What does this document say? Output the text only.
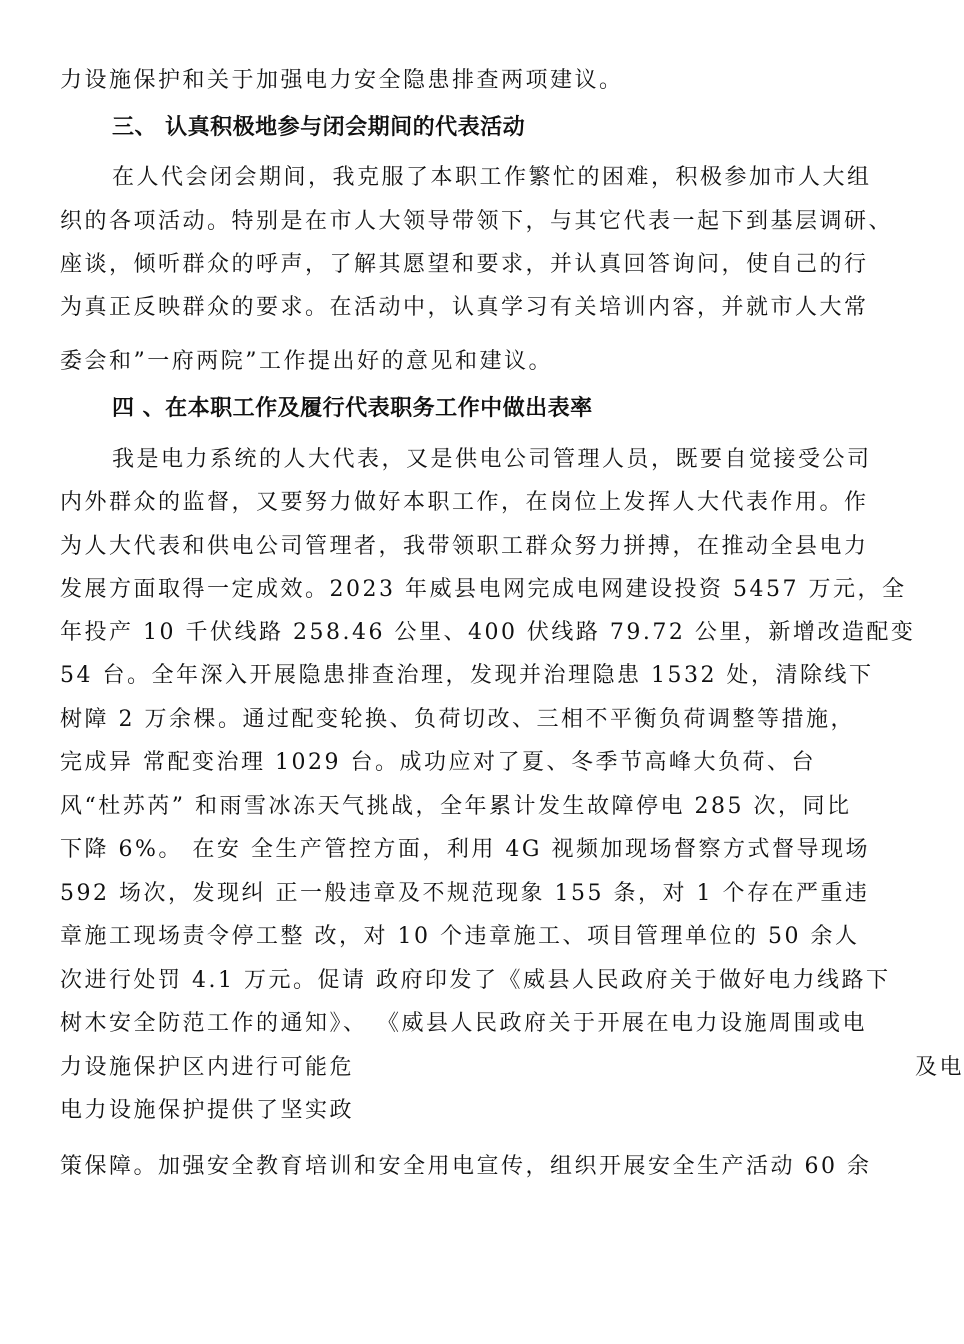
力设施保护和关于加强电力安全隐患排查两项建议。
三、 认真积极地参与闭会期间的代表活动
在人代会闭会期间，我克服了本职工作繁忙的困难，积极参加市人大组
织的各项活动。特别是在市人大领导带领下，与其它代表一起下到基层调研、
座谈，倾听群众的呼声，了解其愿望和要求，并认真回答询问，使自己的行
为真正反映群众的要求。在活动中，认真学习有关培训内容，并就市人大常
委会和”一府两院”工作提出好的意见和建议。
四 、在本职工作及履行代表职务工作中做出表率
我是电力系统的人大代表，又是供电公司管理人员，既要自觉接受公司
内外群众的监督，又要努力做好本职工作，在岗位上发挥人大代表作用。作
为人大代表和供电公司管理者，我带领职工群众努力拼搏，在推动全县电力
发展方面取得一定成效。2023 年威县电网完成电网建设投资 5457 万元，全
年投产 10 千伏线路 258.46 公里、400 伏线路 79.72 公里，新增改造配变
54 台。全年深入开展隐患排查治理，发现并治理隐患 1532 处，清除线下
树障 2 万余棵。通过配变轮换、负荷切改、三相不平衡负荷调整等措施，
完成异 常配变治理 1029 台。成功应对了夏、冬季节高峰大负荷、台
风“杜苏芮” 和雨雪冰冻天气挑战，全年累计发生故障停电 285 次，同比
下降 6%。 在安 全生产管控方面，利用 4G 视频加现场督察方式督导现场
592 场次，发现纠 正一般违章及不规范现象 155 条，对 1 个存在严重违
章施工现场责令停工整 改，对 10 个违章施工、项目管理单位的 50 余人
次进行处罚 4.1 万元。促请 政府印发了《威县人民政府关于做好电力线路下
树木安全防范工作的通知》、 《威县人民政府关于开展在电力设施周围或电
力设施保护区内进行可能危	及电
电力设施保护提供了坚实政
策保障。加强安全教育培训和安全用电宣传，组织开展安全生产活动 60 余
